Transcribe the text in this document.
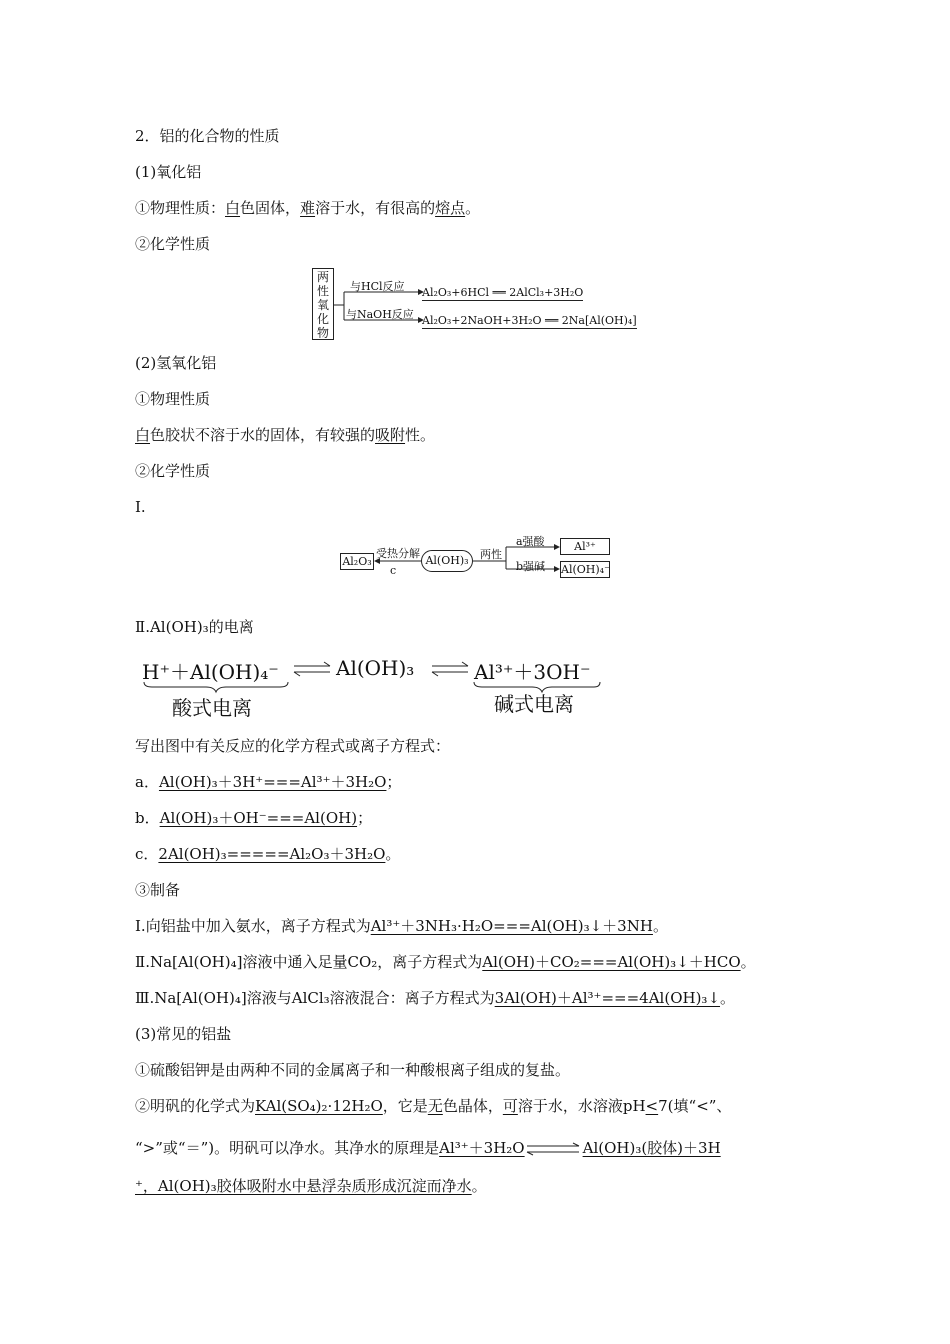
2．铝的化合物的性质
(1)氧化铝
①物理性质：白色固体，难溶于水，有很高的熔点。
②化学性质
两
性
氧
化
物
与HCl反应
与NaOH反应
Al₂O₃+6HCl ══ 2AlCl₃+3H₂O
Al₂O₃+2NaOH+3H₂O ══ 2Na[Al(OH)₄]
(2)氢氧化铝
①物理性质
白色胶状不溶于水的固体，有较强的吸附性。
②化学性质
Ⅰ.
Al₂O₃	Al(OH)₃
Al³⁺
Al(OH)₄⁻
受热分解
c
两性
a强酸
b强碱
Ⅱ.Al(OH)₃的电离
H⁺＋Al(OH)₄⁻ ⇌ Al(OH)₃ ⇌ Al³⁺＋3OH⁻
酸式电离	碱式电离
写出图中有关反应的化学方程式或离子方程式：
a．Al(OH)₃＋3H⁺===Al³⁺＋3H₂O；
b．Al(OH)₃＋OH⁻===Al(OH)；
c．2Al(OH)₃=====Al₂O₃＋3H₂O。
③制备
Ⅰ.向铝盐中加入氨水，离子方程式为Al³⁺＋3NH₃·H₂O===Al(OH)₃↓＋3NH。
Ⅱ.Na[Al(OH)₄]溶液中通入足量CO₂，离子方程式为Al(OH)＋CO₂===Al(OH)₃↓＋HCO。
Ⅲ.Na[Al(OH)₄]溶液与AlCl₃溶液混合：离子方程式为3Al(OH)＋Al³⁺===4Al(OH)₃↓。
(3)常见的铝盐
①硫酸铝钾是由两种不同的金属离子和一种酸根离子组成的复盐。
②明矾的化学式为KAl(SO₄)₂·12H₂O，它是无色晶体，可溶于水，水溶液pH<7(填“<”、
“>”或“＝”)。明矾可以净水。其净水的原理是Al³⁺＋3H₂O⇌Al(OH)₃(胶体)＋3H
⁺，Al(OH)₃胶体吸附水中悬浮杂质形成沉淀而净水。
